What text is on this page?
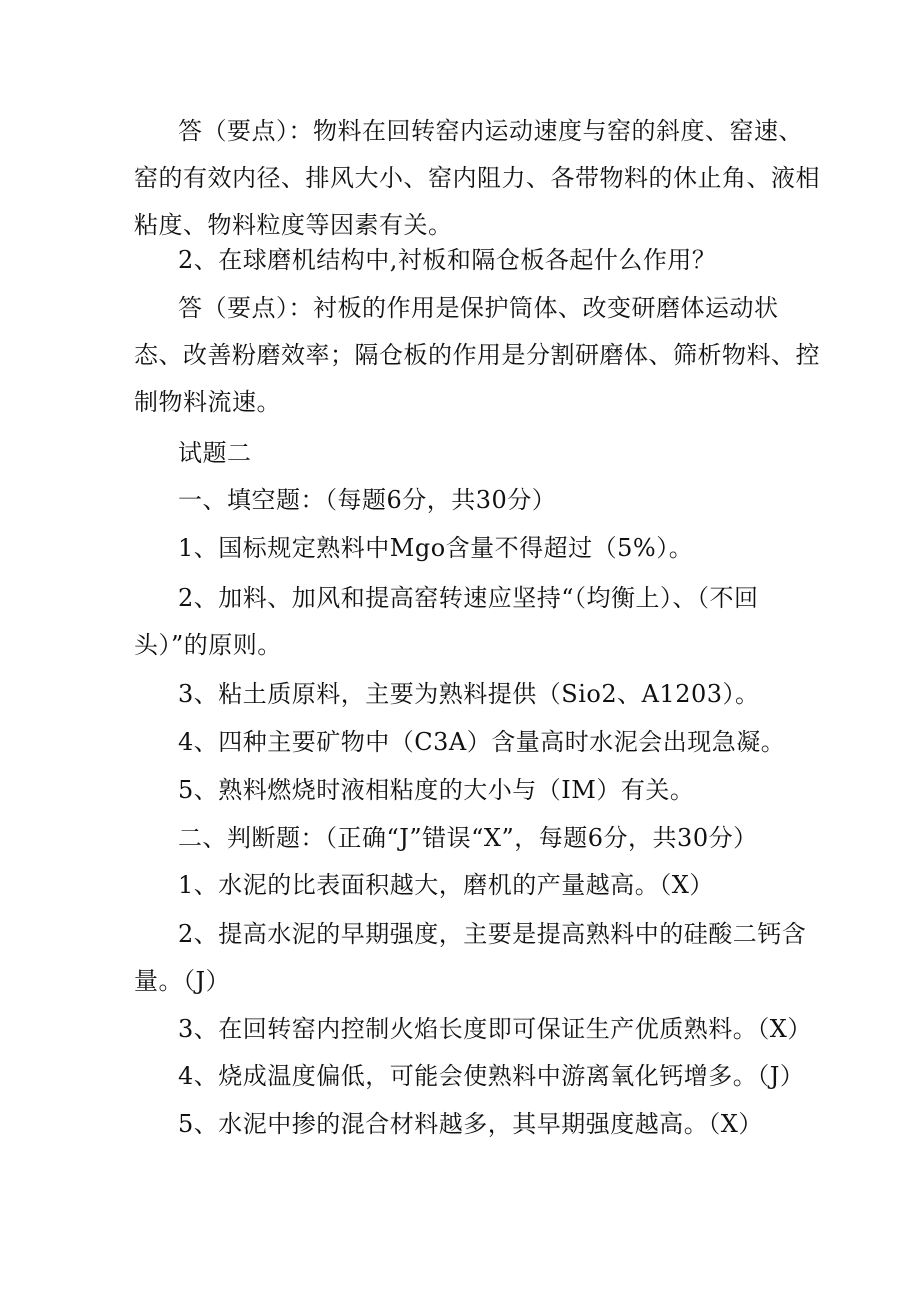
答（要点）：物料在回转窑内运动速度与窑的斜度、窑速、
窑的有效内径、排风大小、窑内阻力、各带物料的休止角、液相
粘度、物料粒度等因素有关。

2、在球磨机结构中,衬板和隔仓板各起什么作用？

答（要点）：衬板的作用是保护筒体、改变研磨体运动状
态、改善粉磨效率；隔仓板的作用是分割研磨体、筛析物料、控
制物料流速。

试题二

一、填空题：（每题6分，共30分）

1、国标规定熟料中Mgo含量不得超过（5%）。

2、加料、加风和提高窑转速应坚持“（均衡上）、（不回
头）”的原则。

3、粘土质原料，主要为熟料提供（Sio2、A1203）。

4、四种主要矿物中（C3A）含量高时水泥会出现急凝。

5、熟料燃烧时液相粘度的大小与（IM）有关。

二、判断题：（正确“J”错误“X”，每题6分，共30分）

1、水泥的比表面积越大，磨机的产量越高。（X）

2、提高水泥的早期强度，主要是提高熟料中的硅酸二钙含
量。（J）

3、在回转窑内控制火焰长度即可保证生产优质熟料。（X）

4、烧成温度偏低，可能会使熟料中游离氧化钙增多。（J）

5、水泥中掺的混合材料越多，其早期强度越高。（X）
